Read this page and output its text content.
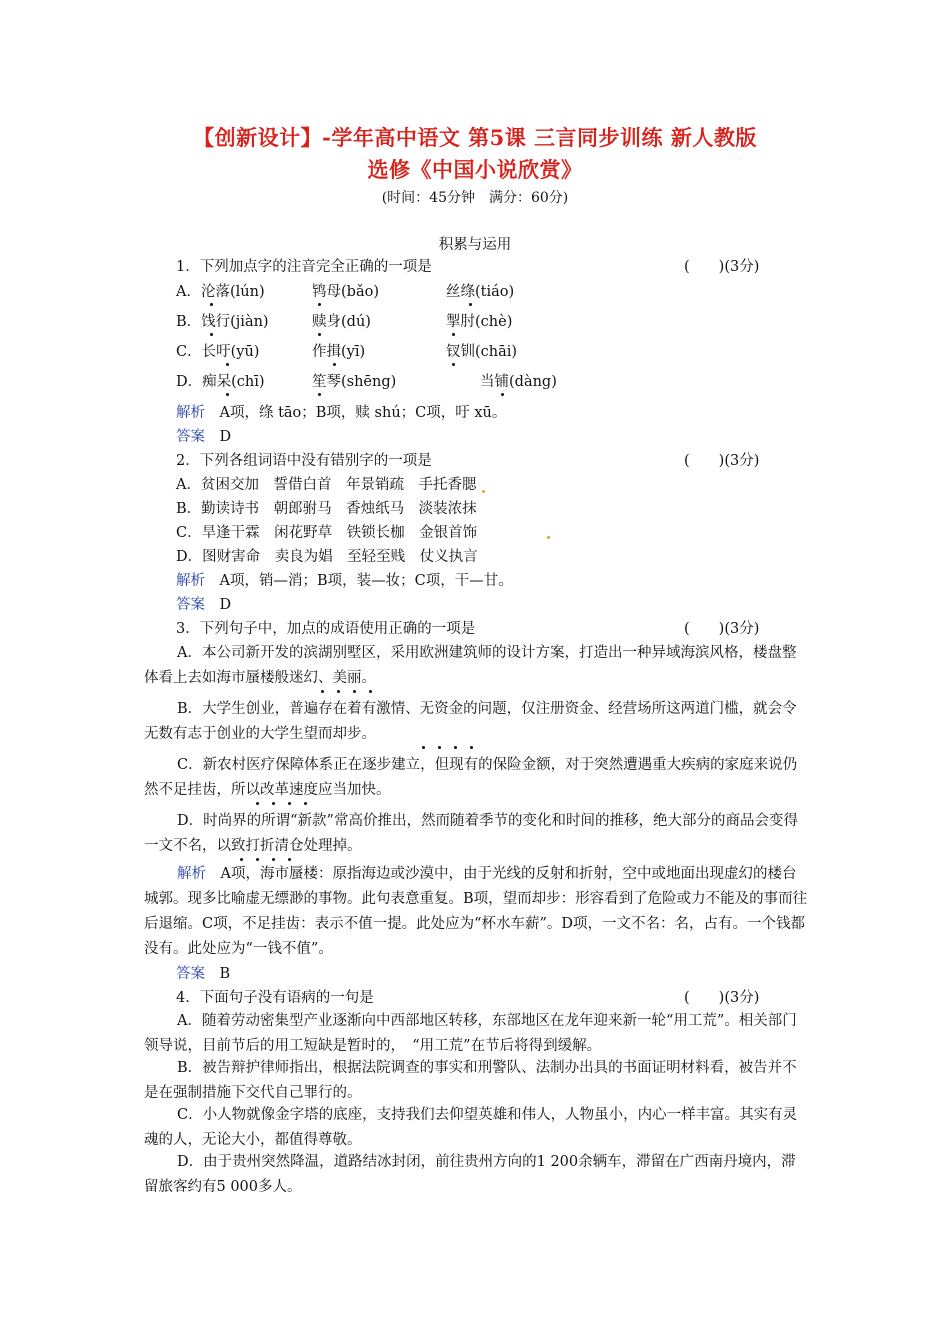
【创新设计】-学年高中语文 第5课 三言同步训练 新人教版
选修《中国小说欣赏》
(时间：45分钟　满分：60分)
积累与运用
1．下列加点字的注音完全正确的一项是	(　　)(3分)
A．沦落(lún)	鸨母(bǎo)	丝绦(tiáo)
B．饯行(jiàn)	赎身(dú)	掣肘(chè)
C．长吁(yū)	作揖(yī)	钗钏(chāi)
D．痴呆(chī)	笙琴(shēng)	当铺(dàng)
解析　A项，绦 tāo；B项，赎 shú；C项，吁 xū。
答案　D
2．下列各组词语中没有错别字的一项是	(　　)(3分)
A．贫困交加　誓借白首　年景销疏　手托香腮
B．勤读诗书　朝郎驸马　香烛纸马　淡装浓抹
C．旱逢干霖　闲花野草　铁锁长枷　金银首饰
D．图财害命　卖良为娼　至轻至贱　仗义执言
解析　A项，销—消；B项，装—妆；C项，干—甘。
答案　D
3．下列句子中，加点的成语使用正确的一项是	(　　)(3分)
A．本公司新开发的滨湖别墅区，采用欧洲建筑师的设计方案，打造出一种异域海滨风格，楼盘整体看上去如海市蜃楼般迷幻、美丽。
B．大学生创业，普遍存在着有激情、无资金的问题，仅注册资金、经营场所这两道门槛，就会令无数有志于创业的大学生望而却步。
C．新农村医疗保障体系正在逐步建立，但现有的保险金额，对于突然遭遇重大疾病的家庭来说仍然不足挂齿，所以改革速度应当加快。
D．时尚界的所谓“新款”常高价推出，然而随着季节的变化和时间的推移，绝大部分的商品会变得一文不名，以致打折清仓处理掉。
解析　A项，海市蜃楼：原指海边或沙漠中，由于光线的反射和折射，空中或地面出现虚幻的楼台城郭。现多比喻虚无缥渺的事物。此句表意重复。B项，望而却步：形容看到了危险或力不能及的事而往后退缩。C项，不足挂齿：表示不值一提。此处应为“杯水车薪”。D项，一文不名：名，占有。一个钱都没有。此处应为“一钱不值”。
答案　B
4．下面句子没有语病的一句是	(　　)(3分)
A．随着劳动密集型产业逐渐向中西部地区转移，东部地区在龙年迎来新一轮“用工荒”。相关部门领导说，目前节后的用工短缺是暂时的，　“用工荒”在节后将得到缓解。
B．被告辩护律师指出，根据法院调查的事实和刑警队、法制办出具的书面证明材料看，被告并不是在强制措施下交代自己罪行的。
C．小人物就像金字塔的底座，支持我们去仰望英雄和伟人，人物虽小，内心一样丰富。其实有灵魂的人，无论大小，都值得尊敬。
D．由于贵州突然降温，道路结冰封闭，前往贵州方向的1 200余辆车，滞留在广西南丹境内，滞留旅客约有5 000多人。
